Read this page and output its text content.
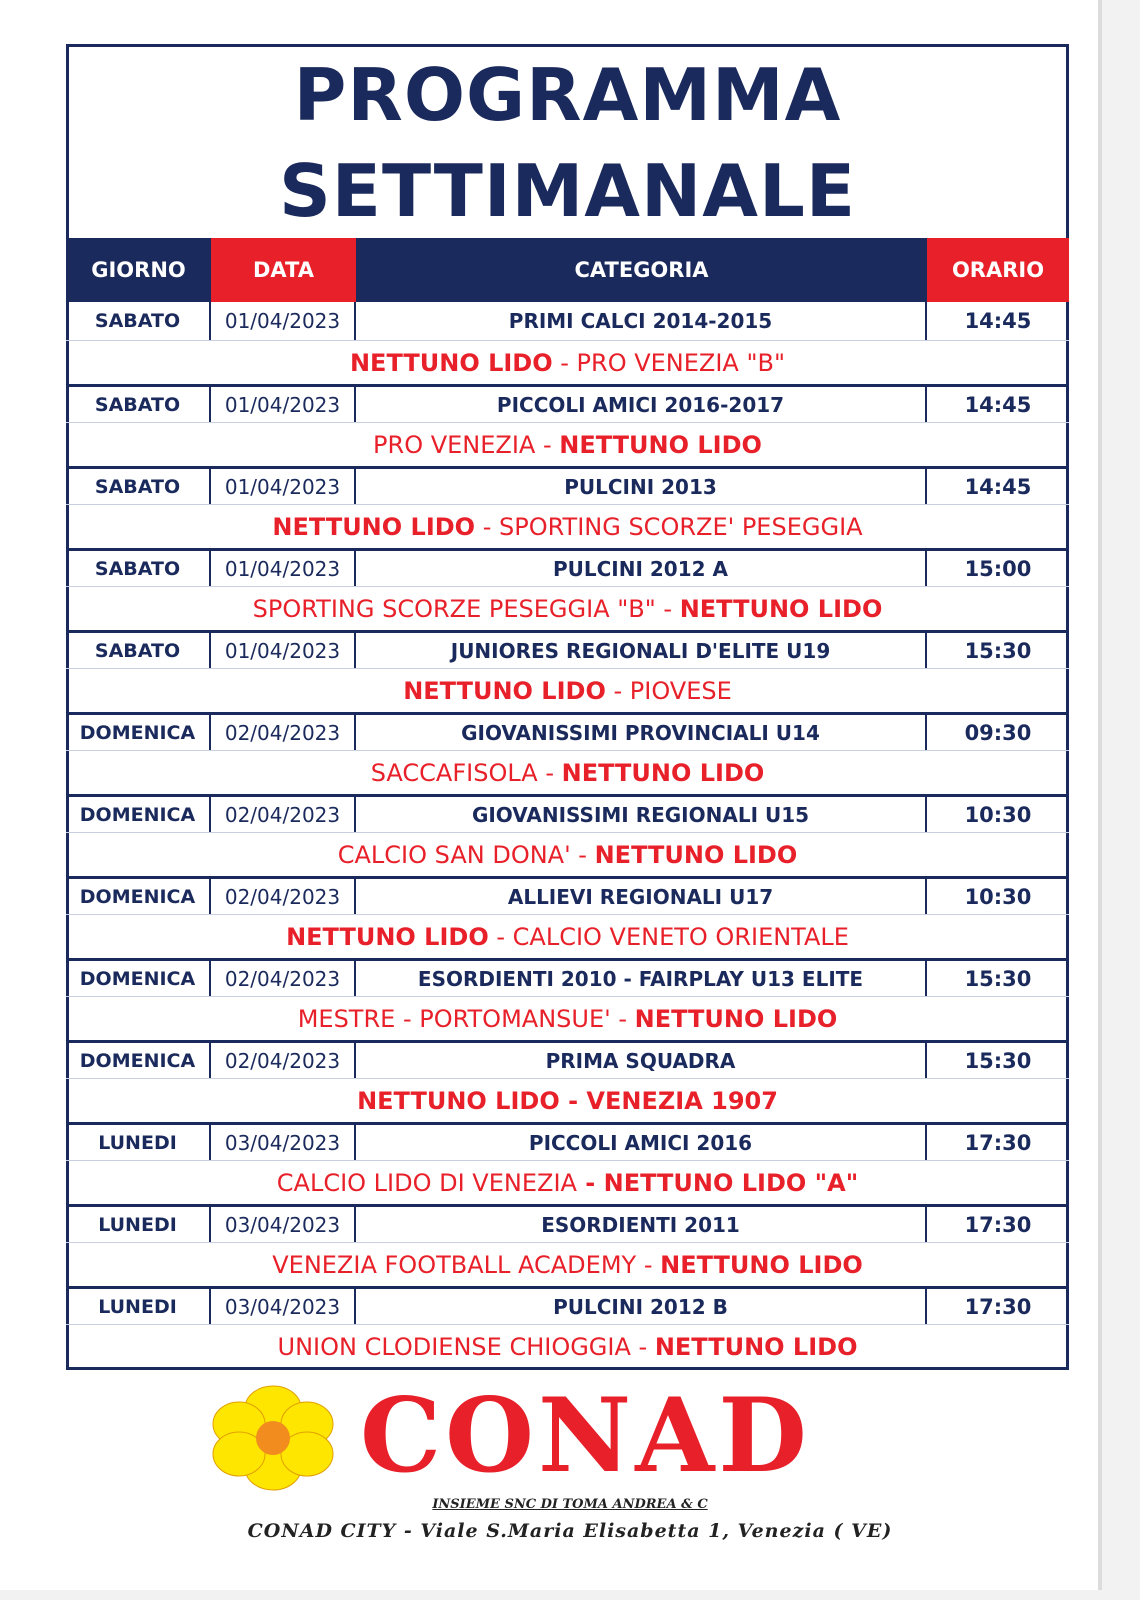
PROGRAMMA
SETTIMANALE
GIORNO	DATA	CATEGORIA	ORARIO
SABATO	01/04/2023	PRIMI CALCI 2014-2015	14:45
NETTUNO LIDO - PRO VENEZIA "B"
SABATO	01/04/2023	PICCOLI AMICI 2016-2017	14:45
PRO VENEZIA - NETTUNO LIDO
SABATO	01/04/2023	PULCINI 2013	14:45
NETTUNO LIDO - SPORTING SCORZE' PESEGGIA
SABATO	01/04/2023	PULCINI 2012 A	15:00
SPORTING SCORZE PESEGGIA "B" - NETTUNO LIDO
SABATO	01/04/2023	JUNIORES REGIONALI D'ELITE U19	15:30
NETTUNO LIDO - PIOVESE
DOMENICA	02/04/2023	GIOVANISSIMI PROVINCIALI U14	09:30
SACCAFISOLA - NETTUNO LIDO
DOMENICA	02/04/2023	GIOVANISSIMI REGIONALI U15	10:30
CALCIO SAN DONA' - NETTUNO LIDO
DOMENICA	02/04/2023	ALLIEVI REGIONALI U17	10:30
NETTUNO LIDO - CALCIO VENETO ORIENTALE
DOMENICA	02/04/2023	ESORDIENTI 2010 - FAIRPLAY U13 ELITE	15:30
MESTRE - PORTOMANSUE' - NETTUNO LIDO
DOMENICA	02/04/2023	PRIMA SQUADRA	15:30
NETTUNO LIDO - VENEZIA 1907
LUNEDI	03/04/2023	PICCOLI AMICI 2016	17:30
CALCIO LIDO DI VENEZIA - NETTUNO LIDO "A"
LUNEDI	03/04/2023	ESORDIENTI 2011	17:30
VENEZIA FOOTBALL ACADEMY - NETTUNO LIDO
LUNEDI	03/04/2023	PULCINI 2012 B	17:30
UNION CLODIENSE CHIOGGIA - NETTUNO LIDO
CONAD
INSIEME SNC DI TOMA ANDREA & C
CONAD CITY - Viale S.Maria Elisabetta 1, Venezia ( VE)
